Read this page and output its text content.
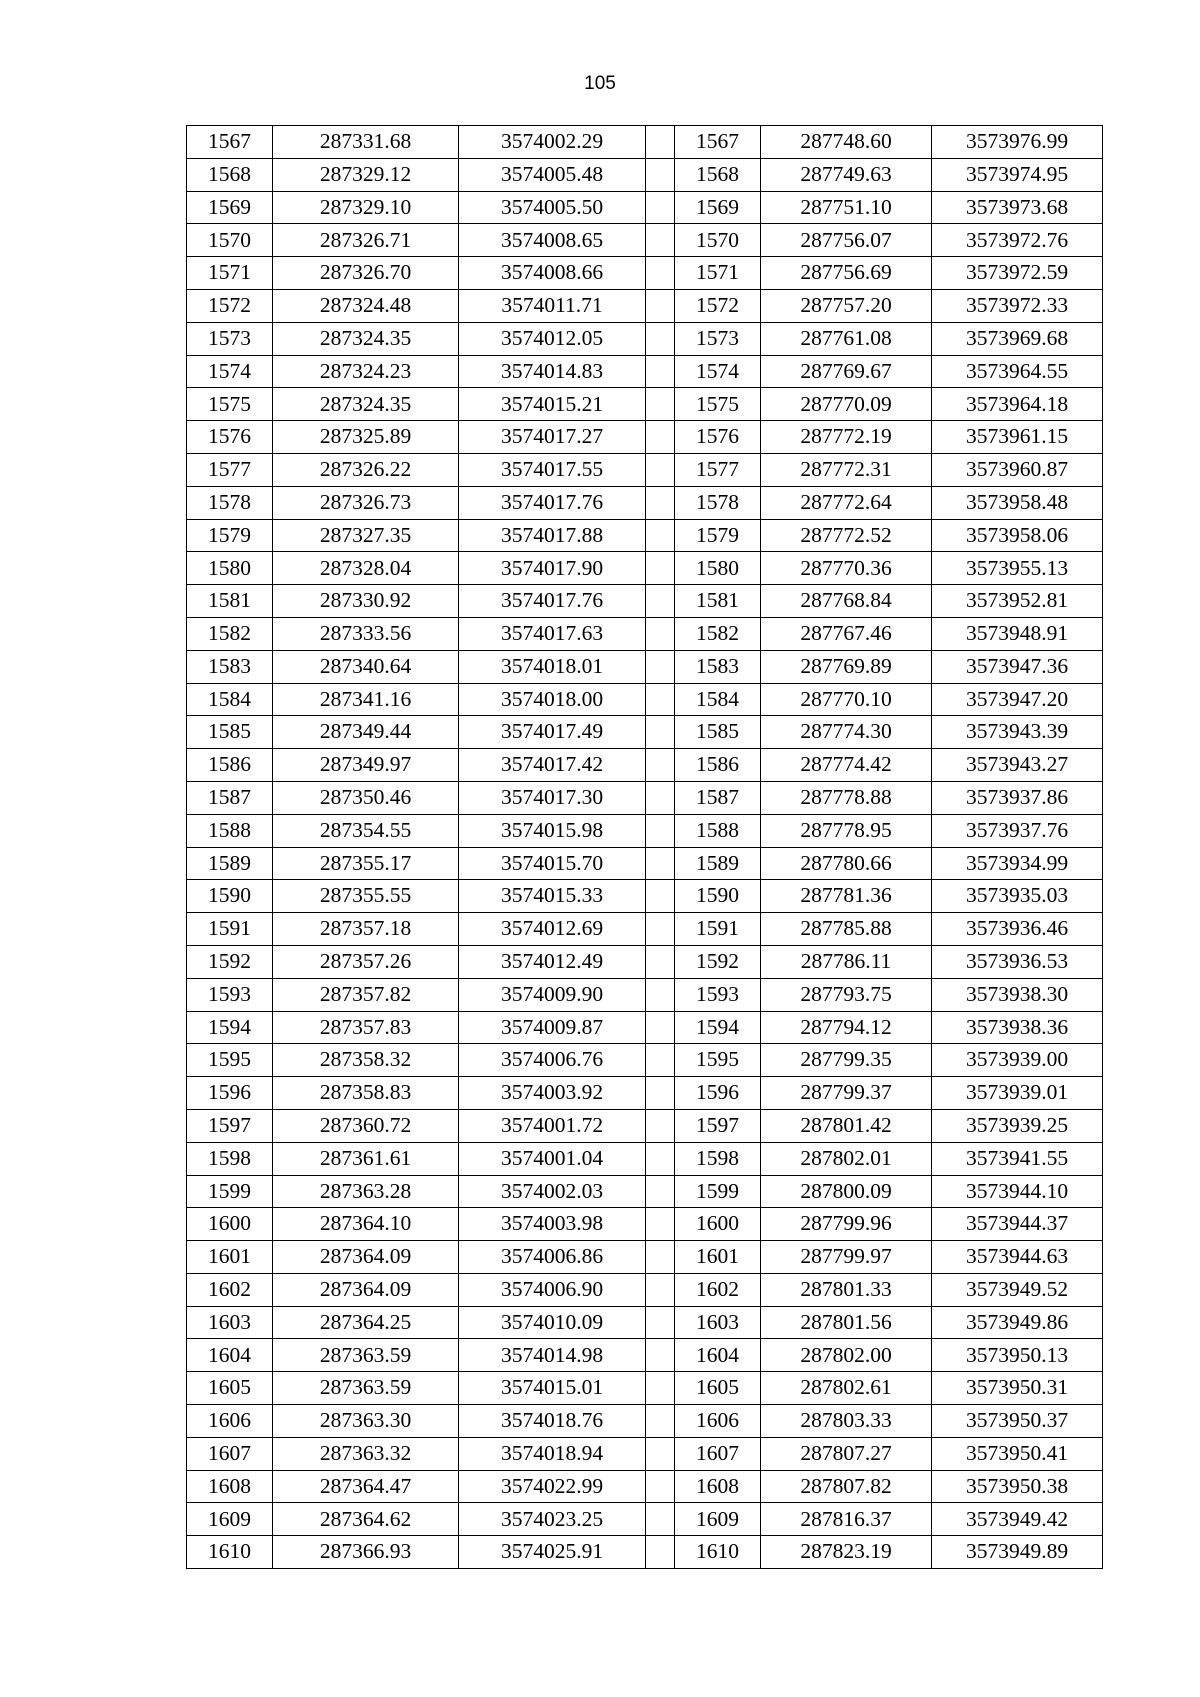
105
1567	287331.68	3574002.29		1567	287748.60	3573976.99
1568	287329.12	3574005.48		1568	287749.63	3573974.95
1569	287329.10	3574005.50		1569	287751.10	3573973.68
1570	287326.71	3574008.65		1570	287756.07	3573972.76
1571	287326.70	3574008.66		1571	287756.69	3573972.59
1572	287324.48	3574011.71		1572	287757.20	3573972.33
1573	287324.35	3574012.05		1573	287761.08	3573969.68
1574	287324.23	3574014.83		1574	287769.67	3573964.55
1575	287324.35	3574015.21		1575	287770.09	3573964.18
1576	287325.89	3574017.27		1576	287772.19	3573961.15
1577	287326.22	3574017.55		1577	287772.31	3573960.87
1578	287326.73	3574017.76		1578	287772.64	3573958.48
1579	287327.35	3574017.88		1579	287772.52	3573958.06
1580	287328.04	3574017.90		1580	287770.36	3573955.13
1581	287330.92	3574017.76		1581	287768.84	3573952.81
1582	287333.56	3574017.63		1582	287767.46	3573948.91
1583	287340.64	3574018.01		1583	287769.89	3573947.36
1584	287341.16	3574018.00		1584	287770.10	3573947.20
1585	287349.44	3574017.49		1585	287774.30	3573943.39
1586	287349.97	3574017.42		1586	287774.42	3573943.27
1587	287350.46	3574017.30		1587	287778.88	3573937.86
1588	287354.55	3574015.98		1588	287778.95	3573937.76
1589	287355.17	3574015.70		1589	287780.66	3573934.99
1590	287355.55	3574015.33		1590	287781.36	3573935.03
1591	287357.18	3574012.69		1591	287785.88	3573936.46
1592	287357.26	3574012.49		1592	287786.11	3573936.53
1593	287357.82	3574009.90		1593	287793.75	3573938.30
1594	287357.83	3574009.87		1594	287794.12	3573938.36
1595	287358.32	3574006.76		1595	287799.35	3573939.00
1596	287358.83	3574003.92		1596	287799.37	3573939.01
1597	287360.72	3574001.72		1597	287801.42	3573939.25
1598	287361.61	3574001.04		1598	287802.01	3573941.55
1599	287363.28	3574002.03		1599	287800.09	3573944.10
1600	287364.10	3574003.98		1600	287799.96	3573944.37
1601	287364.09	3574006.86		1601	287799.97	3573944.63
1602	287364.09	3574006.90		1602	287801.33	3573949.52
1603	287364.25	3574010.09		1603	287801.56	3573949.86
1604	287363.59	3574014.98		1604	287802.00	3573950.13
1605	287363.59	3574015.01		1605	287802.61	3573950.31
1606	287363.30	3574018.76		1606	287803.33	3573950.37
1607	287363.32	3574018.94		1607	287807.27	3573950.41
1608	287364.47	3574022.99		1608	287807.82	3573950.38
1609	287364.62	3574023.25		1609	287816.37	3573949.42
1610	287366.93	3574025.91		1610	287823.19	3573949.89
